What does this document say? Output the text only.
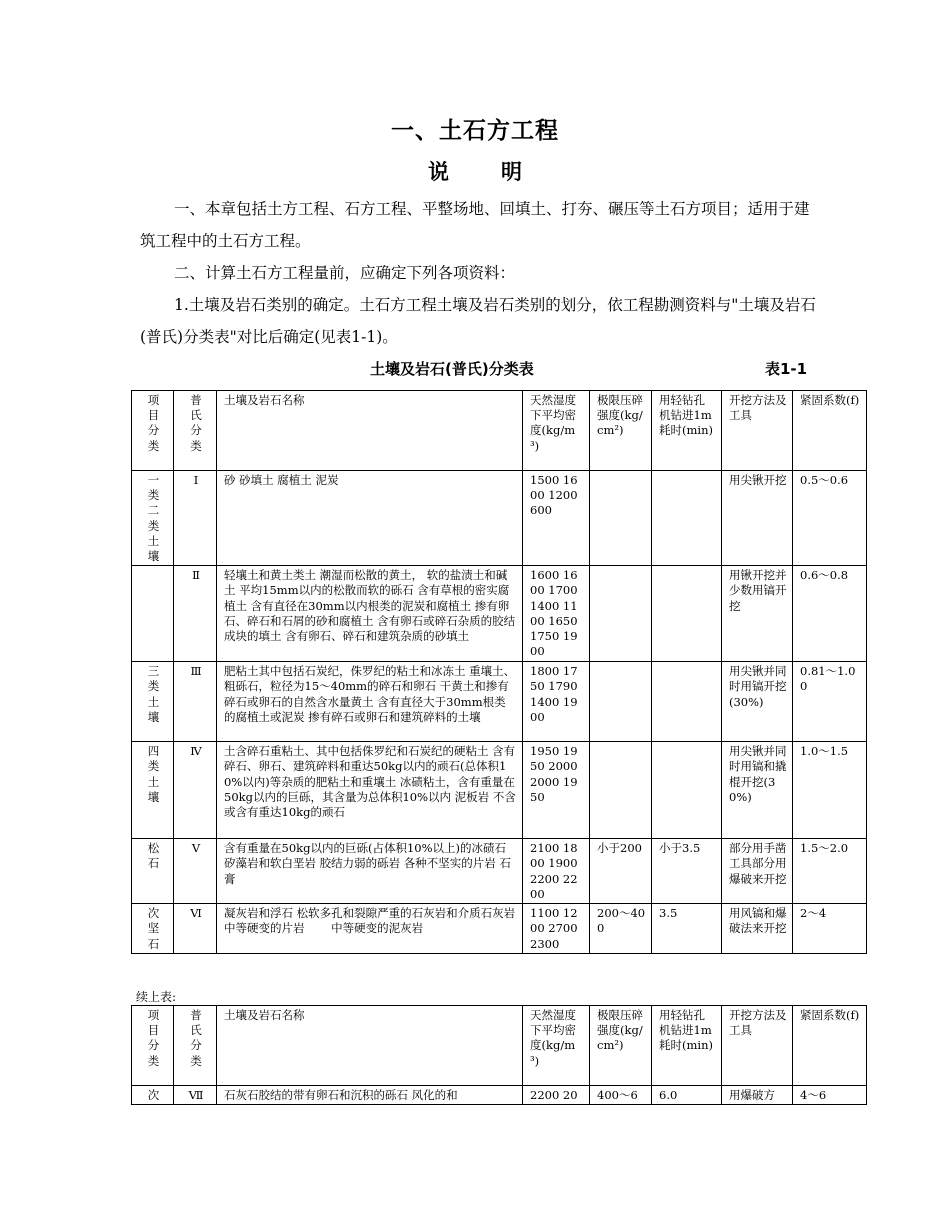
一、土石方工程
说 明
一、本章包括土方工程、石方工程、平整场地、回填土、打夯、碾压等土石方项目；适用于建筑工程中的土石方工程。
二、计算土石方工程量前，应确定下列各项资料：
1.土壤及岩石类别的确定。土石方工程土壤及岩石类别的划分，依工程勘测资料与"土壤及岩石(普氏)分类表"对比后确定(见表1-1)。
土壤及岩石(普氏)分类表	表1-1
项目分类	普氏分类	土壤及岩石名称	天然湿度下平均密度(kg/m³)	极限压碎强度(kg/cm²)	用轻钻孔机钻进1m耗时(min)	开挖方法及工具	紧固系数(f)

一类二类土壤	Ⅰ	砂 砂填土 腐植土 泥炭	1500 1600 1200 600			用尖锹开挖	0.5～0.6

	Ⅱ	轻壤土和黄土类土 潮湿而松散的黄土， 软的盐渍土和碱土 平均15mm以内的松散而软的砾石 含有草根的密实腐植土 含有直径在30mm以内根类的泥炭和腐植土 掺有卵石、碎石和石屑的砂和腐植土 含有卵石或碎石杂质的胶结成块的填土 含有卵石、碎石和建筑杂质的砂填土	1600 1600 1700 1400 1100 1650 1750 1900			用锹开挖并少数用镐开挖	0.6～0.8

三类土壤	Ⅲ	肥粘土其中包括石炭纪，侏罗纪的粘土和冰冻土 重壤土、粗砾石，粒径为15～40mm的碎石和卵石 干黄土和掺有碎石或卵石的自然含水量黄土 含有直径大于30mm根类的腐植土或泥炭 掺有碎石或卵石和建筑碎料的土壤	1800 1750 1790 1400 1900			用尖锹并同时用镐开挖(30%)	0.81～1.00

四类土壤	Ⅳ	土含碎石重粘土、其中包括侏罗纪和石炭纪的硬粘土 含有碎石、卵石、建筑碎料和重达50kg以内的顽石(总体积10%以内)等杂质的肥粘土和重壤土 冰碛粘土，含有重量在50kg以内的巨砾，其含量为总体积10%以内 泥板岩 不含或含有重达10kg的顽石	1950 1950 2000 2000 1950			用尖锹并同时用镐和撬棍开挖(30%)	1.0～1.5

松石	Ⅴ	含有重量在50kg以内的巨砾(占体积10%以上)的冰碛石 矽藻岩和软白垩岩 胶结力弱的砾岩 各种不坚实的片岩 石膏	2100 1800 1900 2200 2200	小于200	小于3.5	部分用手凿工具部分用爆破来开挖	1.5～2.0

次坚石	Ⅵ	凝灰岩和浮石 松软多孔和裂隙严重的石灰岩和介质石灰岩 中等硬变的片岩 　　中等硬变的泥灰岩	1100 1200 2700 2300	200～400	3.5	用风镐和爆破法来开挖	2～4
续上表:
项目分类	普氏分类	土壤及岩石名称	天然湿度下平均密度(kg/m³)	极限压碎强度(kg/cm²)	用轻钻孔机钻进1m耗时(min)	开挖方法及工具	紧固系数(f)
次	Ⅶ	石灰石胶结的带有卵石和沉积的砾石 风化的和	2200 20	400～6	6.0	用爆破方	4～6
